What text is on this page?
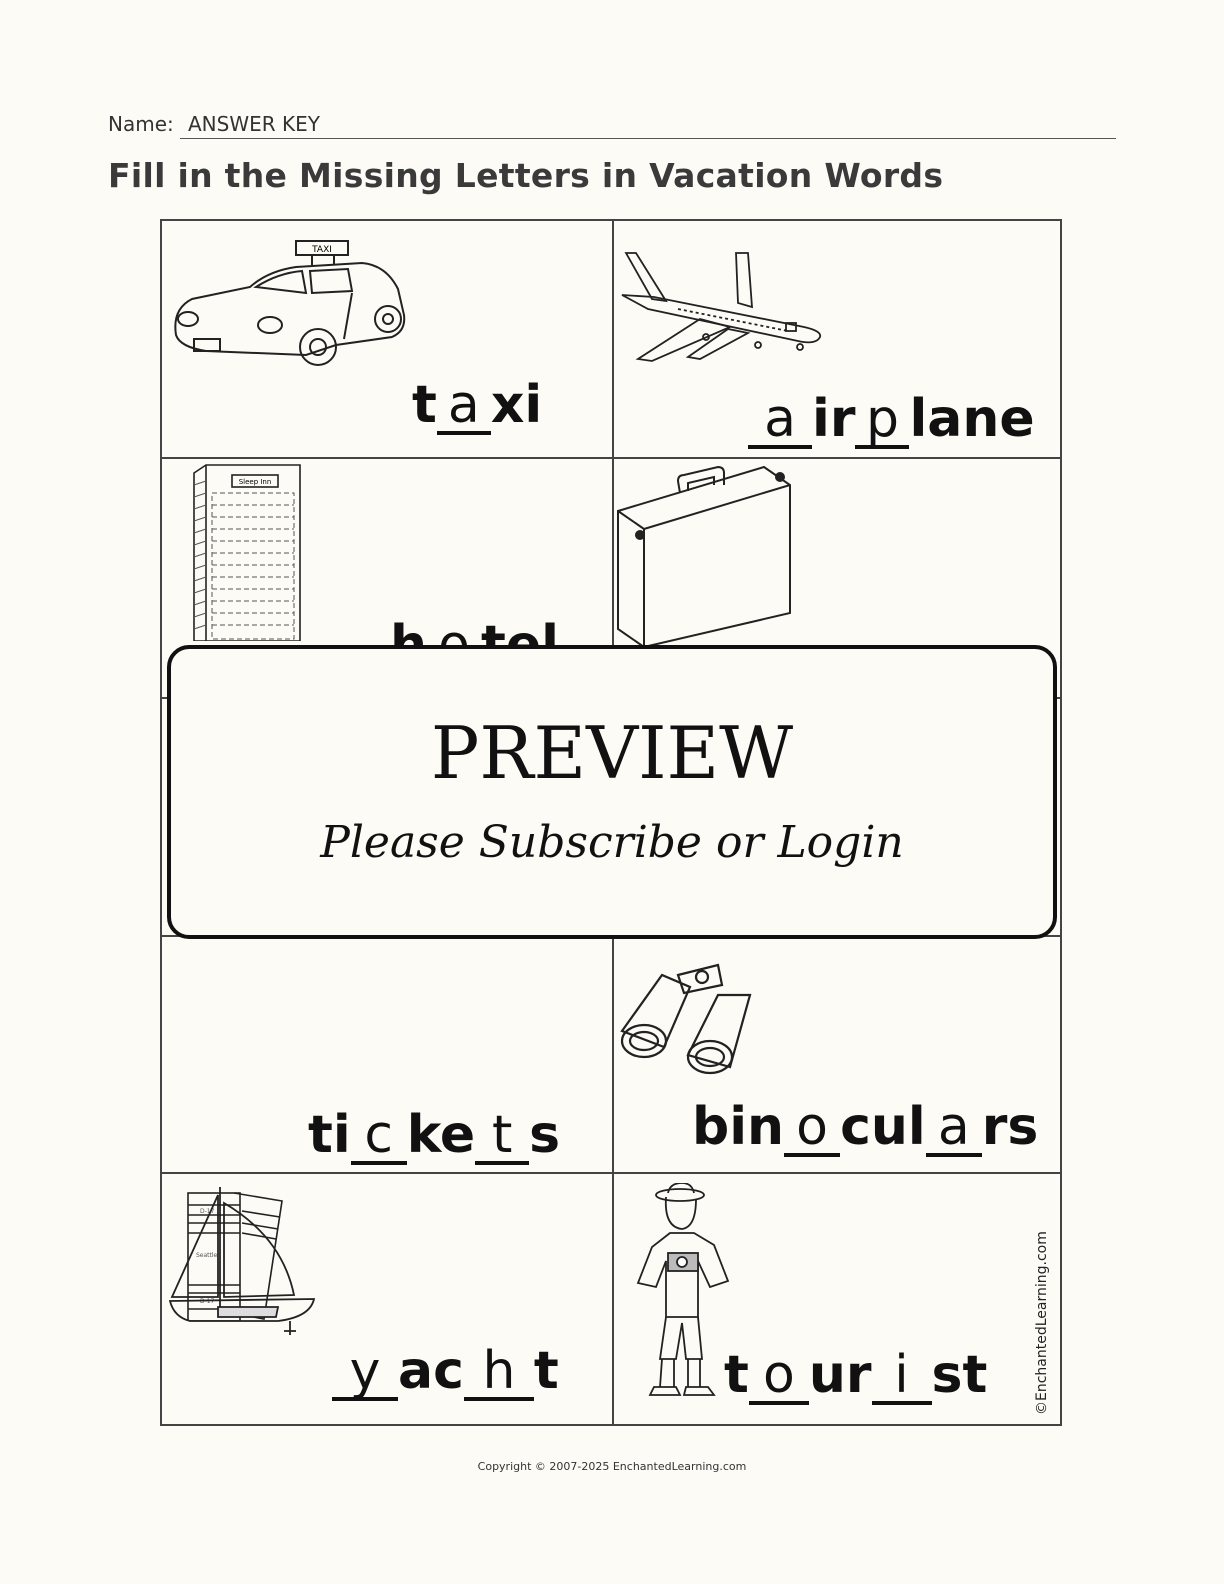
Name: ANSWER KEY
Fill in the Missing Letters in Vacation Words
TAXI
t a xi	a ir p lane
Sleep Inn
D-17
Seattle
D-17
ti c ke t s	bin o cul a rs
y ac h t	t o ur i st	©EnchantedLearning.com
PREVIEW
Please Subscribe or Login
Copyright © 2007-2025 EnchantedLearning.com
